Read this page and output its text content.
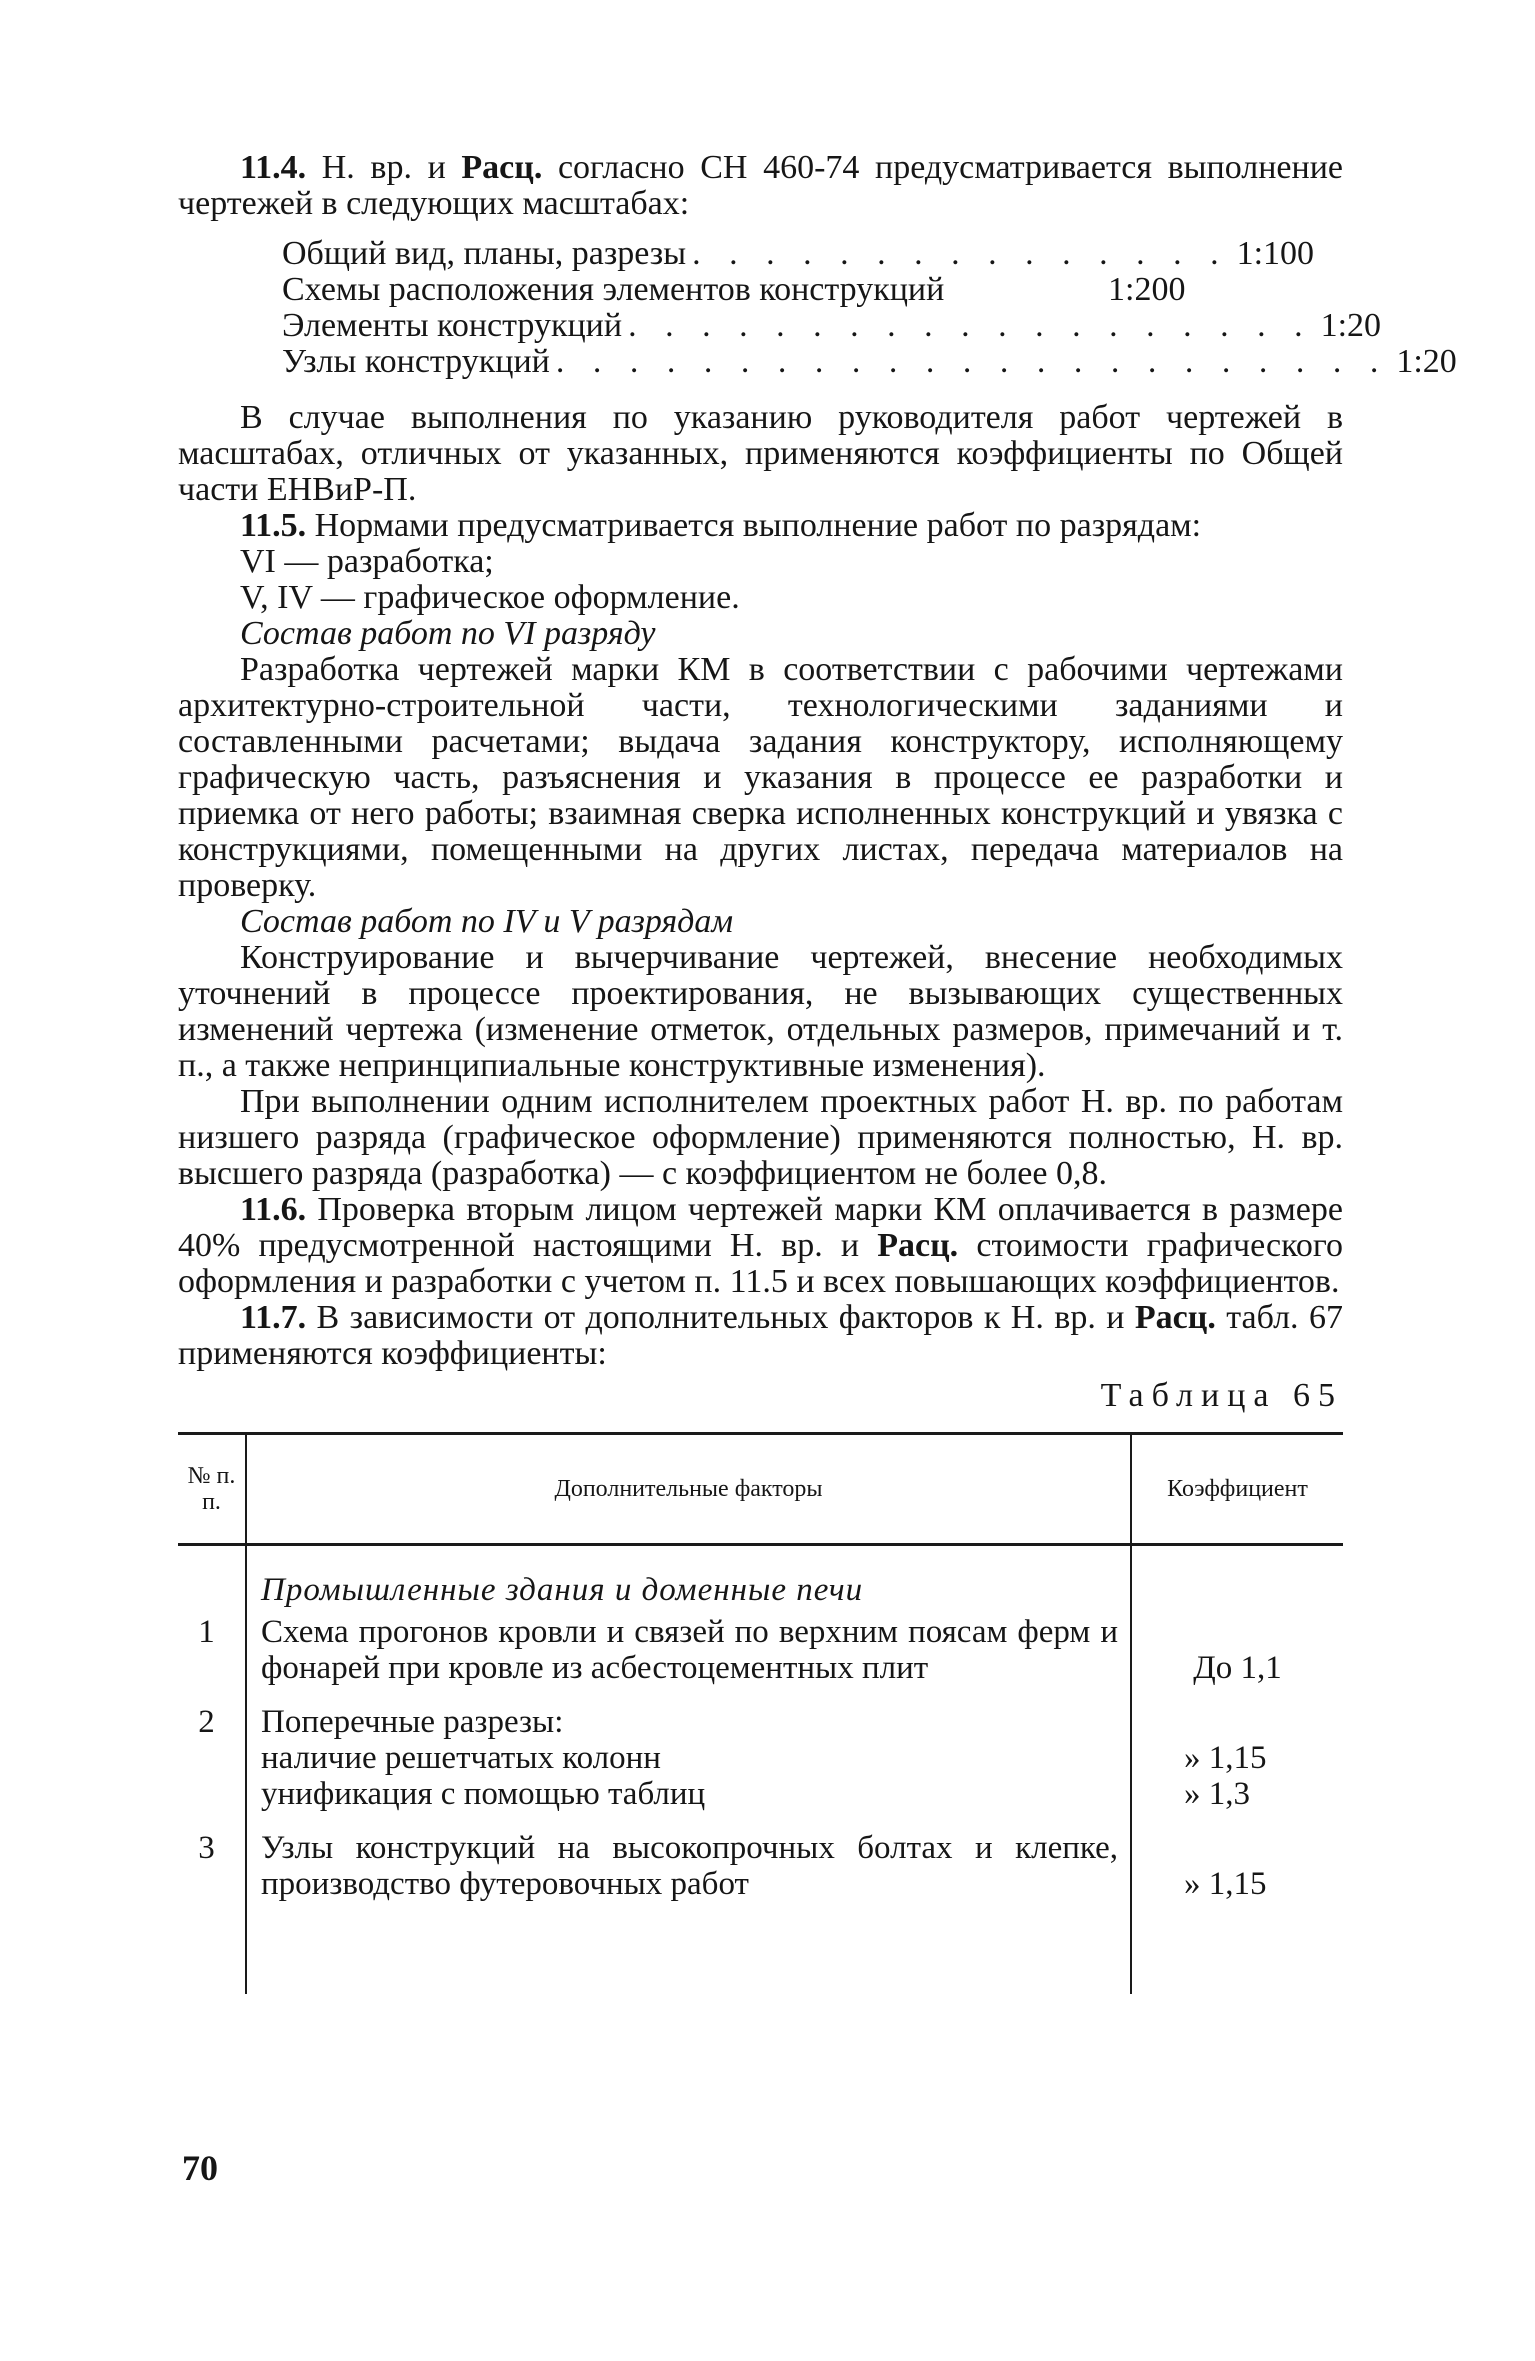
11.4. Н. вр. и Расц. согласно СН 460-74 предусматривается выполнение чертежей в следующих масштабах:

Общий вид, планы, разрезы . . . . . . . . . . . . . . . 1:100
Схемы расположения элементов конструкций	1:200
Элементы конструкций . . . . . . . . . . . . . . . . . . . 1:20
Узлы конструкций . . . . . . . . . . . . . . . . . . . . . . . 1:20

В случае выполнения по указанию руководителя работ чертежей в масштабах, отличных от указанных, применяются коэффициенты по Общей части ЕНВиР-П.

11.5. Нормами предусматривается выполнение работ по разрядам:

VI — разработка;

V, IV — графическое оформление.

Состав работ по VI разряду

Разработка чертежей марки КМ в соответствии с рабочими чертежами архитектурно-строительной части, технологическими заданиями и составленными расчетами; выдача задания конструктору, исполняющему графическую часть, разъяснения и указания в процессе ее разработки и приемка от него работы; взаимная сверка исполненных конструкций и увязка с конструкциями, помещенными на других листах, передача материалов на проверку.

Состав работ по IV и V разрядам

Конструирование и вычерчивание чертежей, внесение необходимых уточнений в процессе проектирования, не вызывающих существенных изменений чертежа (изменение отметок, отдельных размеров, примечаний и т. п., а также непринципиальные конструктивные изменения).

При выполнении одним исполнителем проектных работ Н. вр. по работам низшего разряда (графическое оформление) применяются полностью, Н. вр. высшего разряда (разработка) — с коэффициентом не более 0,8.

11.6. Проверка вторым лицом чертежей марки КМ оплачивается в размере 40% предусмотренной настоящими Н. вр. и Расц. стоимости графического оформления и разработки с учетом п. 11.5 и всех повышающих коэффициентов.

11.7. В зависимости от дополнительных факторов к Н. вр. и Расц. табл. 67 применяются коэффициенты:

Таблица 65
№ п. п.	Дополнительные факторы	Коэффициент
	Промышленные здания и доменные печи	
1	Схема прогонов кровли и связей по верхним поясам ферм и фонарей при кровле из асбестоцементных плит	До 1,1

2	Поперечные разрезы:	
	наличие решетчатых колонн	» 1,15
	унификация с помощью таблиц	» 1,3

3	Узлы конструкций на высокопрочных болтах и клепке, производство футеровочных работ	» 1,15

70
